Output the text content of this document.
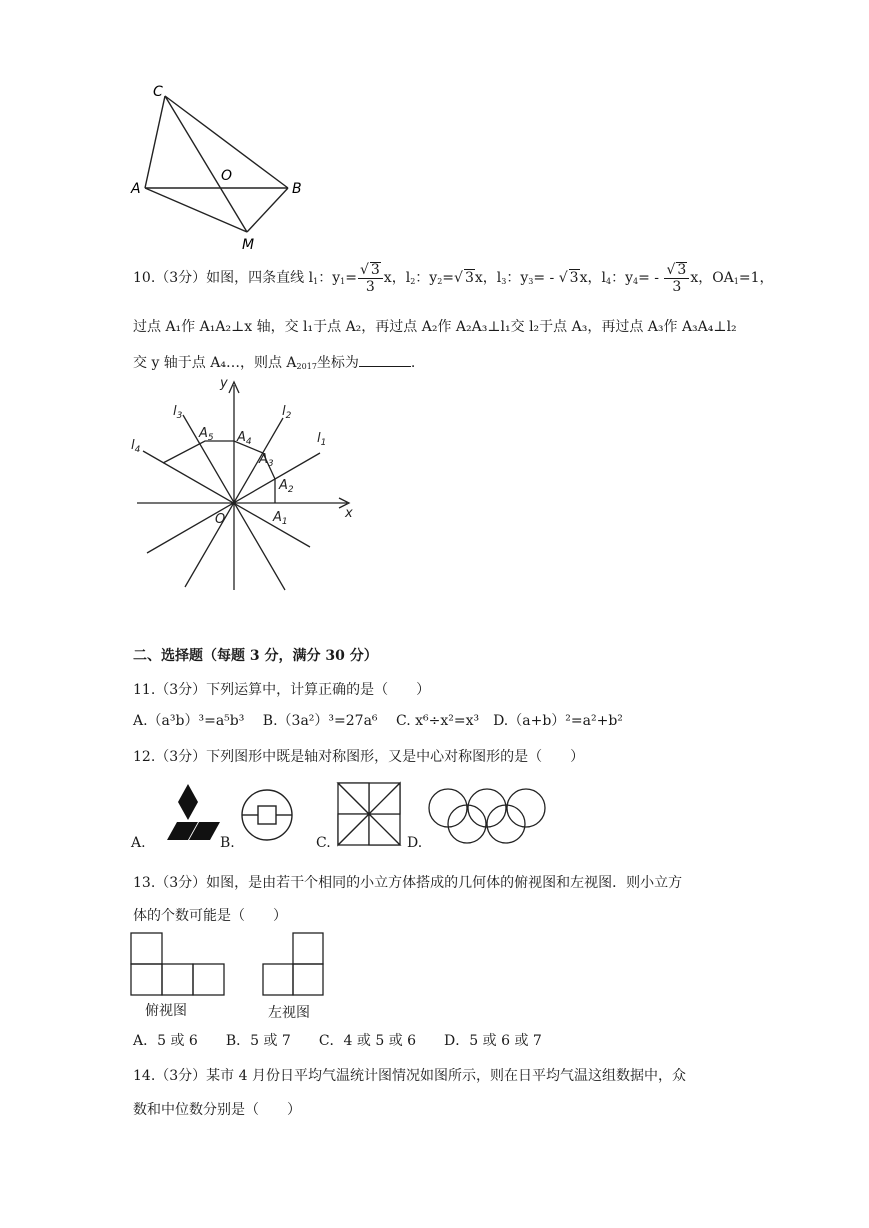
C
O
A	B
M
10.（3分）如图，四条直线 $l_1$：$y_1= \frac{√ 3}{3}$ x，$l_2$：$y_2=√$ 3x，$l_3$：$y_3=$ - √ 3x，$l_4$：$y_4= - \frac{√ 3}{3}$ x，$OA_1=1$，
过点 A₁作 A₁A₂⊥x 轴，交 l₁于点 A₂，再过点 A₂作 A₂A₃⊥l₁交 l₂于点 A₃，再过点 A₃作 A₃A₄⊥l₂
交 y 轴于点 A₄…，则点 $A_{2017}$坐标为	.
y
x
O
$l_3$	$l_2$
$l_1$
$l_4$
$A_5$ $A_4$
$A_3$
$A_2$
$A_1$
二、选择题（每题 3 分，满分 30 分）
11.（3分）下列运算中，计算正确的是（　　）
A.（a³b）³=a⁵b³　 B.（3a²）³=27a⁶　 C. x⁶÷x²=x³　D.（a+b）²=a²+b²
12.（3分）下列图形中既是轴对称图形，又是中心对称图形的是（　　）
A.	B.	C.	D.
13.（3分）如图，是由若干个相同的小立方体搭成的几何体的俯视图和左视图．则小立方
体的个数可能是（　　）
俯视图	左视图
A．5 或 6　　B．5 或 7　　C．4 或 5 或 6　　D．5 或 6 或 7
14.（3分）某市 4 月份日平均气温统计图情况如图所示，则在日平均气温这组数据中，众
数和中位数分别是（　　）
